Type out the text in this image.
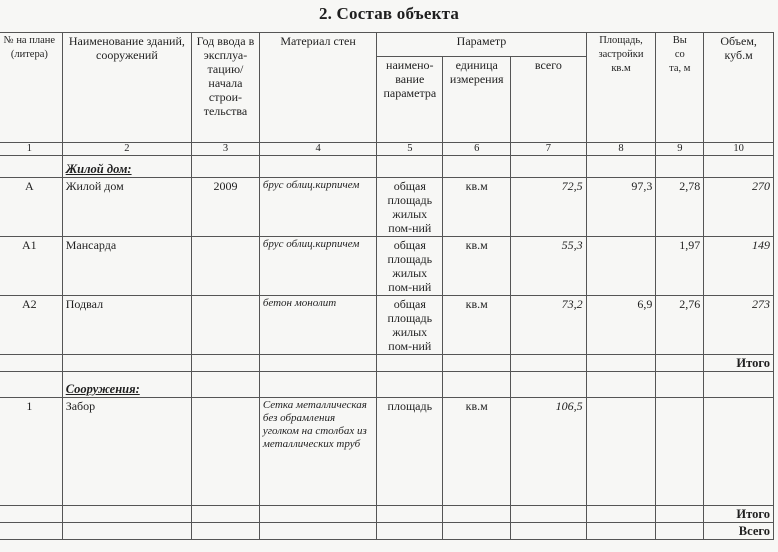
2. Состав объекта
№ на плане (литера)	Наименование зданий, сооружений	Год ввода в эксплуа-тацию/ начала строи-тельства	Материал стен	Параметр			Площадь, застройки кв.м	Вы со та, м	Объем, куб.м
				наимено-вание параметра	единица измерения	всего			
1	2	3	4	5	6	7	8	9	10
	Жилой дом:								
А	Жилой дом	2009	брус облиц.кирпичем	общая площадь жилых пом-ний	кв.м	72,5	97,3	2,78	270
А1	Мансарда		брус облиц.кирпичем	общая площадь жилых пом-ний	кв.м	55,3		1,97	149
А2	Подвал		бетон монолит	общая площадь жилых пом-ний	кв.м	73,2	6,9	2,76	273
									Итого
	Сооружения:								
1	Забор		Сетка металлическая без обрамления уголком на столбах из металлических труб	площадь	кв.м	106,5			
									Итого
									Всего
